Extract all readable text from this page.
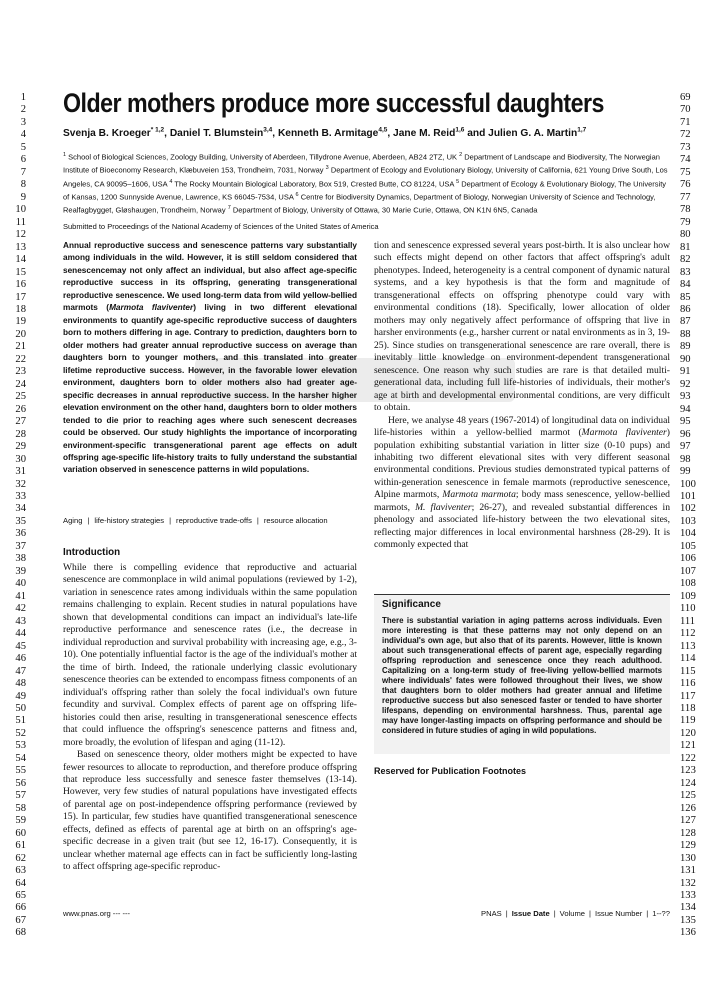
1
2
3
4
5
6
7
8
9
10
11
12
13
14
15
16
17
18
19
20
21
22
23
24
25
26
27
28
29
30
31
32
33
34
35
36
37
38
39
40
41
42
43
44
45
46
47
48
49
50
51
52
53
54
55
56
57
58
59
60
61
62
63
64
65
66
67
68
69
70
71
72
73
74
75
76
77
78
79
80
81
82
83
84
85
86
87
88
89
90
91
92
93
94
95
96
97
98
99
100
101
102
103
104
105
106
107
108
109
110
111
112
113
114
115
116
117
118
119
120
121
122
123
124
125
126
127
128
129
130
131
132
133
134
135
136
Older mothers produce more successful daughters
Svenja B. Kroeger$^{* 1,2}$, Daniel T. Blumstein$^{3,4}$, Kenneth B. Armitage$^{4,5}$, Jane M. Reid$^{1,6}$ and Julien G. A. Martin$^{1,7}$
$^1$ School of Biological Sciences, Zoology Building, University of Aberdeen, Tillydrone Avenue, Aberdeen, AB24 2TZ, UK $^2$ Department of Landscape and Biodiversity, The Norwegian Institute of Bioeconomy Research, Klæbuveien 153, Trondheim, 7031, Norway $^3$ Department of Ecology and Evolutionary Biology, University of California, 621 Young Drive South, Los Angeles, CA 90095–1606, USA $^4$ The Rocky Mountain Biological Laboratory, Box 519, Crested Butte, CO 81224, USA $^5$ Department of Ecology & Evolutionary Biology, The University of Kansas, 1200 Sunnyside Avenue, Lawrence, KS 66045-7534, USA $^6$ Centre for Biodiversity Dynamics, Department of Biology, Norwegian University of Science and Technology, Realfagbygget, Gløshaugen, Trondheim, Norway $^7$ Department of Biology, University of Ottawa, 30 Marie Curie, Ottawa, ON K1N 6N5, Canada
Submitted to Proceedings of the National Academy of Sciences of the United States of America

Annual reproductive success and senescence patterns vary substantially among individuals in the wild. However, it is still seldom considered that senescencemay not only affect an individual, but also affect age-specific reproductive success in its offspring, generating transgenerational reproductive senescence. We used long-term data from wild yellow-bellied marmots (Marmota flaviventer) living in two different elevational environments to quantify age-specific reproductive success of daughters born to mothers differing in age. Contrary to prediction, daughters born to older mothers had greater annual reproductive success on average than daughters born to younger mothers, and this translated into greater lifetime reproductive success. However, in the favorable lower elevation environment, daughters born to older mothers also had greater age-specific decreases in annual reproductive success. In the harsher higher elevation environment on the other hand, daughters born to older mothers tended to die prior to reaching ages where such senescent decreases could be observed. Our study highlights the importance of incorporating environment-specific transgenerational parent age effects on adult offspring age-specific life-history traits to fully understand the substantial variation observed in senescence patterns in wild populations.

Aging | life-history strategies | reproductive trade-offs | resource allocation
Introduction

While there is compelling evidence that reproductive and actuarial senescence are commonplace in wild animal populations (reviewed by 1-2), variation in senescence rates among individuals within the same population remains challenging to explain. Recent studies in natural populations have shown that developmental conditions can impact an individual's late-life reproductive performance and senescence rates (i.e., the decrease in individual reproduction and survival probability with increasing age, e.g., 3-10). One potentially influential factor is the age of the individual's mother at the time of birth. Indeed, the rationale underlying classic evolutionary senescence theories can be extended to encompass fitness components of an individual's offspring rather than solely the focal individual's own future fecundity and survival. Complex effects of parent age on offspring life-histories could then arise, resulting in transgenerational senescence effects that could influence the offspring's senescence patterns and fitness and, more broadly, the evolution of lifespan and aging (11-12).

Based on senescence theory, older mothers might be expected to have fewer resources to allocate to reproduction, and therefore produce offspring that reproduce less successfully and senesce faster themselves (13-14). However, very few studies of natural populations have investigated effects of parental age on post-independence offspring performance (reviewed by 15). In particular, few studies have quantified transgenerational senescence effects, defined as effects of parental age at birth on an offspring's age-specific decrease in a given trait (but see 12, 16-17). Consequently, it is unclear whether maternal age effects can in fact be sufficiently long-lasting to affect offspring age-specific reproduc-

tion and senescence expressed several years post-birth. It is also unclear how such effects might depend on other factors that affect offspring's adult phenotypes. Indeed, heterogeneity is a central component of dynamic natural systems, and a key hypothesis is that the form and magnitude of transgenerational effects on offspring phenotype could vary with environmental conditions (18). Specifically, lower allocation of older mothers may only negatively affect performance of offspring that live in harsher environments (e.g., harsher current or natal environments as in 3, 19-25). Since studies on transgenerational senescence are rare overall, there is inevitably little knowledge on environment-dependent transgenerational senescence. One reason why such studies are rare is that detailed multi-generational data, including full life-histories of individuals, their mother's age at birth and developmental environmental conditions, are very difficult to obtain.

Here, we analyse 48 years (1967-2014) of longitudinal data on individual life-histories within a yellow-bellied marmot (Marmota flaviventer) population exhibiting substantial variation in litter size (0-10 pups) and inhabiting two different elevational sites with very different seasonal environmental conditions. Previous studies demonstrated typical patterns of within-generation senescence in female marmots (reproductive senescence, Alpine marmots, Marmota marmota; body mass senescence, yellow-bellied marmots, M. flaviventer; 26-27), and revealed substantial differences in phenology and associated life-history between the two elevational sites, reflecting major differences in local environmental harshness (28-29). It is commonly expected that

Significance

There is substantial variation in aging patterns across individuals. Even more interesting is that these patterns may not only depend on an individual's own age, but also that of its parents. However, little is known about such transgenerational effects of parent age, especially regarding offspring reproduction and senescence once they reach adulthood. Capitalizing on a long-term study of free-living yellow-bellied marmots where individuals' fates were followed throughout their lives, we show that daughters born to older mothers had greater annual and lifetime reproductive success but also senesced faster or tended to have shorter lifespans, depending on environmental harshness. Thus, parental age may have longer-lasting impacts on offspring performance and should be considered in future studies of aging in wild populations.

Reserved for Publication Footnotes
www.pnas.org --- ---	PNAS | Issue Date | Volume | Issue Number | 1--??
